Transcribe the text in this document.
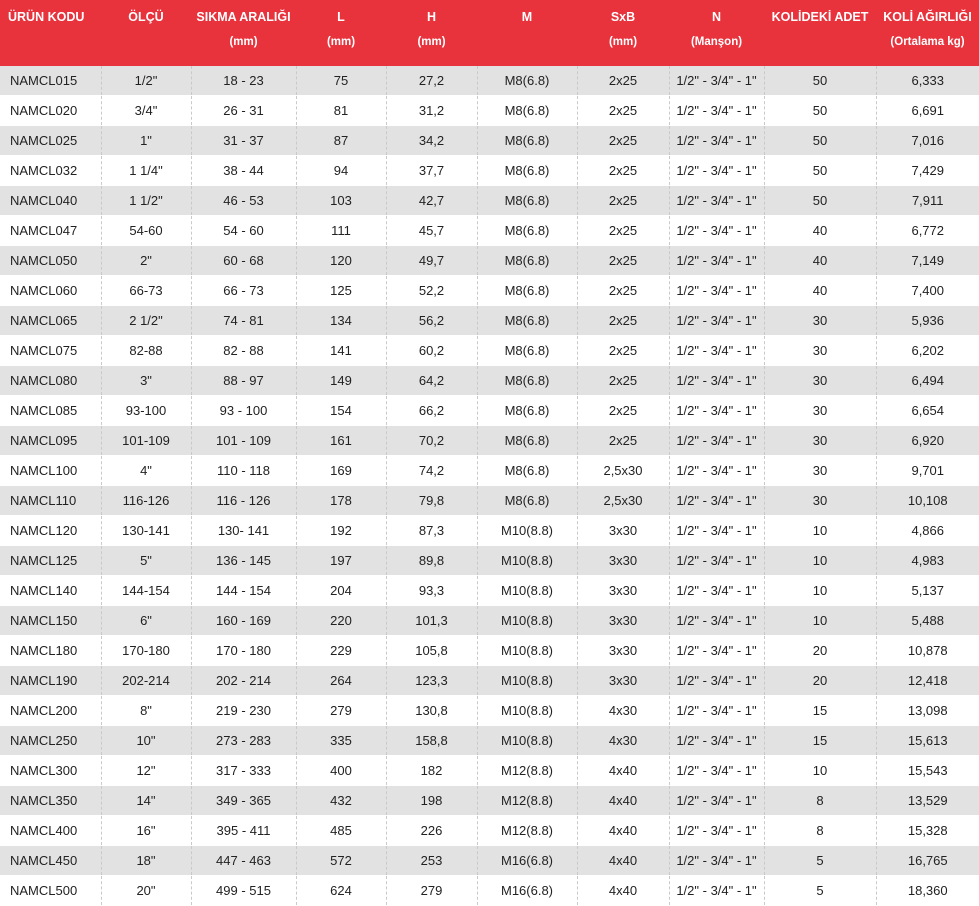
ÜRÜN KODU	ÖLÇÜ	SIKMA ARALIĞI	L	H	M	SxB	N	KOLİDEKİ ADET	KOLİ AĞIRLIĞI
		(mm)	(mm)	(mm)		(mm)	(Manşon)		(Ortalama kg)
NAMCL015	1/2"	18 - 23	75	27,2	M8(6.8)	2x25	1/2" - 3/4" - 1"	50	6,333
NAMCL020	3/4"	26 - 31	81	31,2	M8(6.8)	2x25	1/2" - 3/4" - 1"	50	6,691
NAMCL025	1"	31 - 37	87	34,2	M8(6.8)	2x25	1/2" - 3/4" - 1"	50	7,016
NAMCL032	1 1/4"	38 - 44	94	37,7	M8(6.8)	2x25	1/2" - 3/4" - 1"	50	7,429
NAMCL040	1 1/2"	46 - 53	103	42,7	M8(6.8)	2x25	1/2" - 3/4" - 1"	50	7,911
NAMCL047	54-60	54 - 60	111	45,7	M8(6.8)	2x25	1/2" - 3/4" - 1"	40	6,772
NAMCL050	2"	60 - 68	120	49,7	M8(6.8)	2x25	1/2" - 3/4" - 1"	40	7,149
NAMCL060	66-73	66 - 73	125	52,2	M8(6.8)	2x25	1/2" - 3/4" - 1"	40	7,400
NAMCL065	2 1/2"	74 - 81	134	56,2	M8(6.8)	2x25	1/2" - 3/4" - 1"	30	5,936
NAMCL075	82-88	82 - 88	141	60,2	M8(6.8)	2x25	1/2" - 3/4" - 1"	30	6,202
NAMCL080	3"	88 - 97	149	64,2	M8(6.8)	2x25	1/2" - 3/4" - 1"	30	6,494
NAMCL085	93-100	93 - 100	154	66,2	M8(6.8)	2x25	1/2" - 3/4" - 1"	30	6,654
NAMCL095	101-109	101 - 109	161	70,2	M8(6.8)	2x25	1/2" - 3/4" - 1"	30	6,920
NAMCL100	4"	110 - 118	169	74,2	M8(6.8)	2,5x30	1/2" - 3/4" - 1"	30	9,701
NAMCL110	116-126	116 - 126	178	79,8	M8(6.8)	2,5x30	1/2" - 3/4" - 1"	30	10,108
NAMCL120	130-141	130- 141	192	87,3	M10(8.8)	3x30	1/2" - 3/4" - 1"	10	4,866
NAMCL125	5"	136 - 145	197	89,8	M10(8.8)	3x30	1/2" - 3/4" - 1"	10	4,983
NAMCL140	144-154	144 - 154	204	93,3	M10(8.8)	3x30	1/2" - 3/4" - 1"	10	5,137
NAMCL150	6"	160 - 169	220	101,3	M10(8.8)	3x30	1/2" - 3/4" - 1"	10	5,488
NAMCL180	170-180	170 - 180	229	105,8	M10(8.8)	3x30	1/2" - 3/4" - 1"	20	10,878
NAMCL190	202-214	202 - 214	264	123,3	M10(8.8)	3x30	1/2" - 3/4" - 1"	20	12,418
NAMCL200	8"	219 - 230	279	130,8	M10(8.8)	4x30	1/2" - 3/4" - 1"	15	13,098
NAMCL250	10"	273 - 283	335	158,8	M10(8.8)	4x30	1/2" - 3/4" - 1"	15	15,613
NAMCL300	12"	317 - 333	400	182	M12(8.8)	4x40	1/2" - 3/4" - 1"	10	15,543
NAMCL350	14"	349 - 365	432	198	M12(8.8)	4x40	1/2" - 3/4" - 1"	8	13,529
NAMCL400	16"	395 - 411	485	226	M12(8.8)	4x40	1/2" - 3/4" - 1"	8	15,328
NAMCL450	18"	447 - 463	572	253	M16(6.8)	4x40	1/2" - 3/4" - 1"	5	16,765
NAMCL500	20"	499 - 515	624	279	M16(6.8)	4x40	1/2" - 3/4" - 1"	5	18,360
